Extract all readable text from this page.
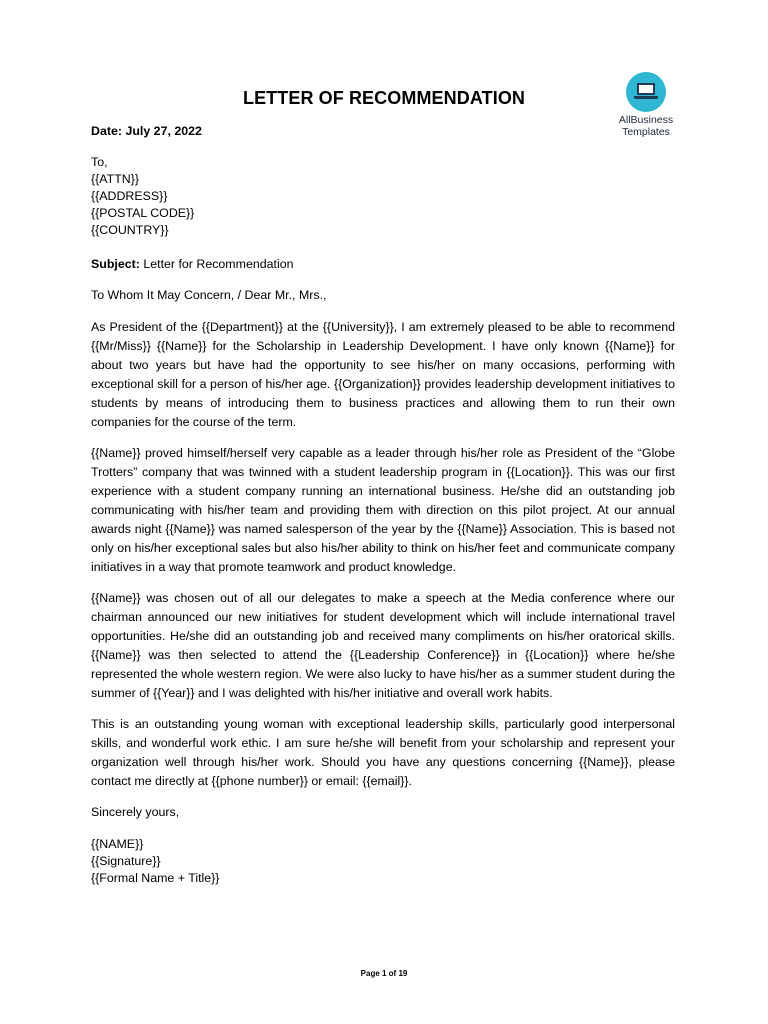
AllBusiness
Templates
LETTER OF RECOMMENDATION

Date: July 27, 2022

To,
{{ATTN}}
{{ADDRESS}}
{{POSTAL CODE}}
{{COUNTRY}}

Subject: Letter for Recommendation

To Whom It May Concern, / Dear Mr., Mrs.,

As President of the {{Department}} at the {{University}}, I am extremely pleased to be able to recommend {{Mr/Miss}} {{Name}} for the Scholarship in Leadership Development. I have only known {{Name}} for about two years but have had the opportunity to see his/her on many occasions, performing with exceptional skill for a person of his/her age. {{Organization}} provides leadership development initiatives to students by means of introducing them to business practices and allowing them to run their own companies for the course of the term.

{{Name}} proved himself/herself very capable as a leader through his/her role as President of the “Globe Trotters” company that was twinned with a student leadership program in {{Location}}. This was our first experience with a student company running an international business. He/she did an outstanding job communicating with his/her team and providing them with direction on this pilot project. At our annual awards night {{Name}} was named salesperson of the year by the {{Name}} Association. This is based not only on his/her exceptional sales but also his/her ability to think on his/her feet and communicate company initiatives in a way that promote teamwork and product knowledge.

{{Name}} was chosen out of all our delegates to make a speech at the Media conference where our chairman announced our new initiatives for student development which will include international travel opportunities. He/she did an outstanding job and received many compliments on his/her oratorical skills. {{Name}} was then selected to attend the {{Leadership Conference}} in {{Location}} where he/she represented the whole western region. We were also lucky to have his/her as a summer student during the summer of {{Year}} and I was delighted with his/her initiative and overall work habits.

This is an outstanding young woman with exceptional leadership skills, particularly good interpersonal skills, and wonderful work ethic. I am sure he/she will benefit from your scholarship and represent your organization well through his/her work. Should you have any questions concerning {{Name}}, please contact me directly at {{phone number}} or email: {{email}}.

Sincerely yours,

{{NAME}}
{{Signature}}
{{Formal Name + Title}}
Page 1 of 19
